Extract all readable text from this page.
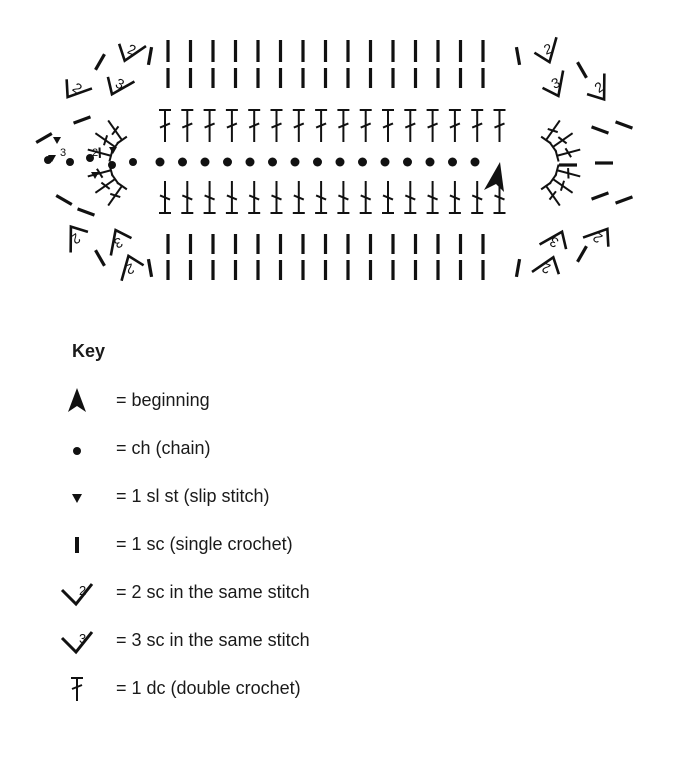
3 2
2
2 3
2
2
3
2
2
3	2
2
3
Key
= beginning
= ch (chain)
= 1 sl st (slip stitch)
= 1 sc (single crochet)
2 = 2 sc in the same stitch
3 = 3 sc in the same stitch
= 1 dc (double crochet)
